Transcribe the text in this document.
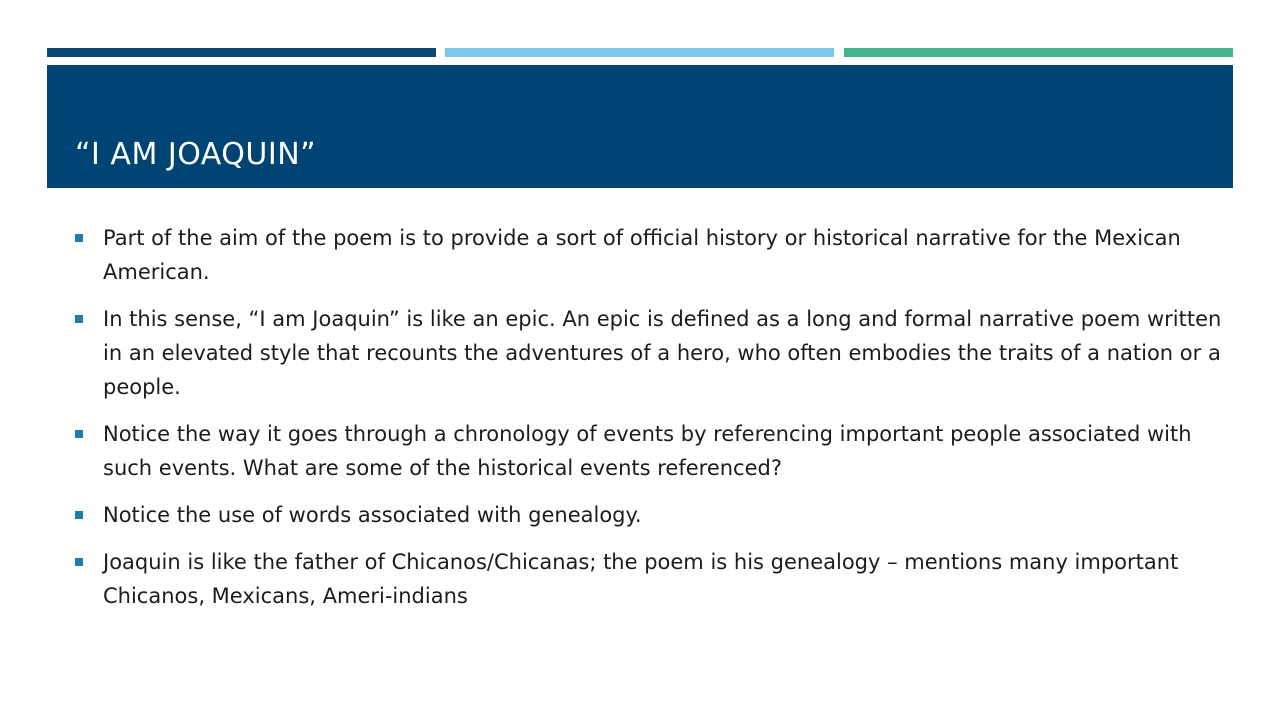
“I AM JOAQUIN”
Part of the aim of the poem is to provide a sort of official history or historical narrative for the Mexican American.
In this sense, “I am Joaquin” is like an epic. An epic is defined as a long and formal narrative poem written in an elevated style that recounts the adventures of a hero, who often embodies the traits of a nation or a people.
Notice the way it goes through a chronology of events by referencing important people associated with such events. What are some of the historical events referenced?
Notice the use of words associated with genealogy.
Joaquin is like the father of Chicanos/Chicanas; the poem is his genealogy – mentions many important Chicanos, Mexicans, Ameri-indians
